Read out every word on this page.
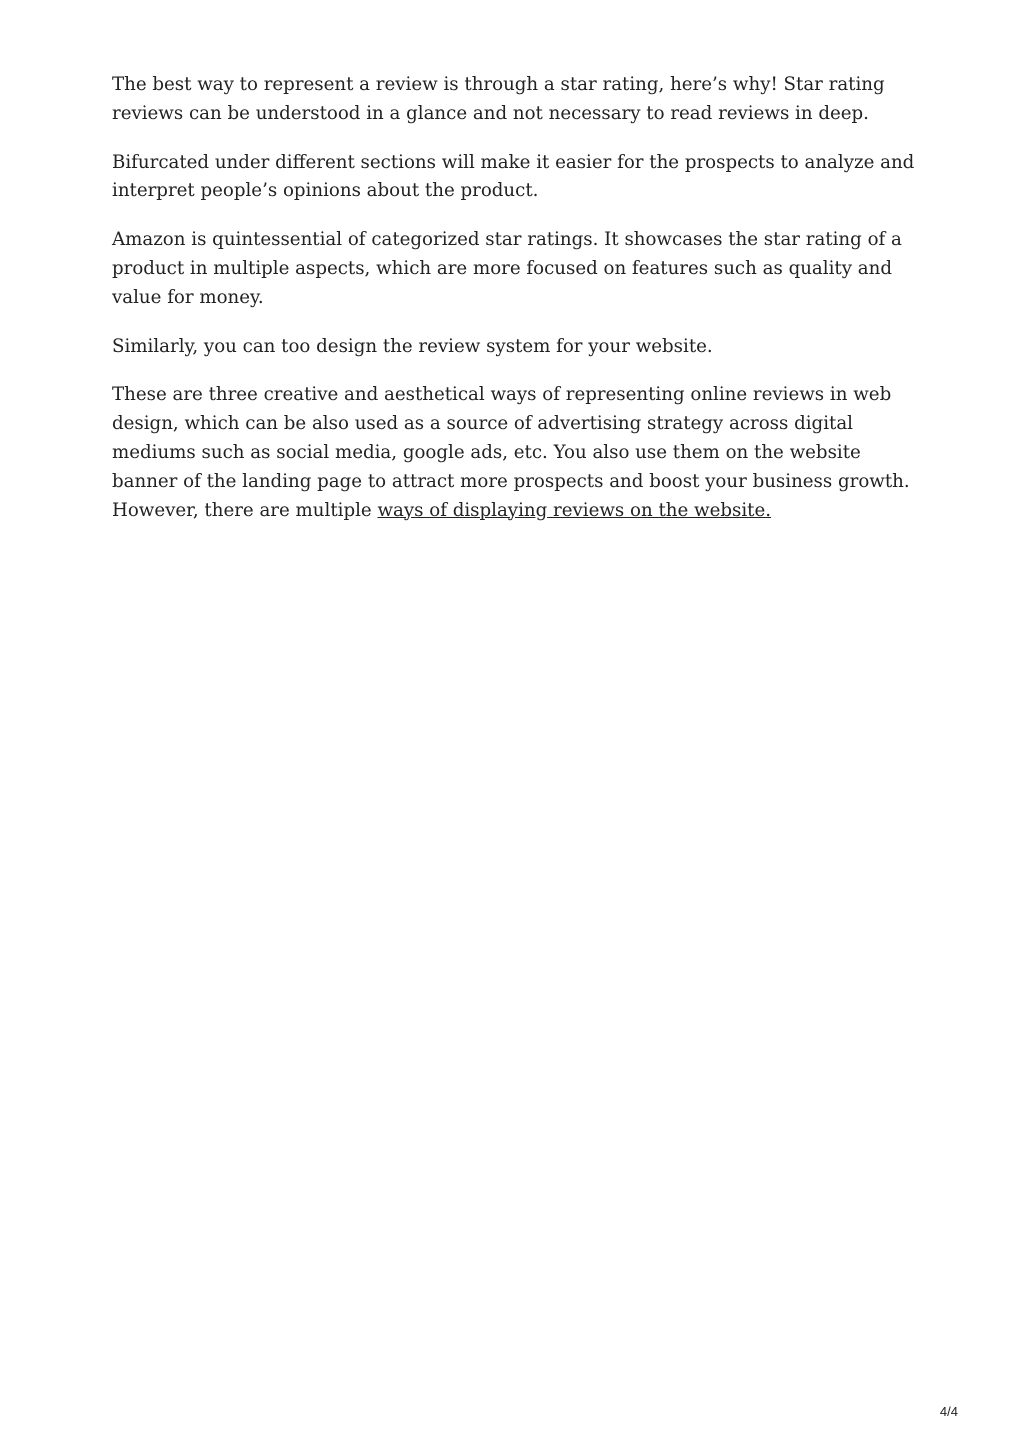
The best way to represent a review is through a star rating, here’s why! Star rating reviews can be understood in a glance and not necessary to read reviews in deep.

Bifurcated under different sections will make it easier for the prospects to analyze and interpret people’s opinions about the product.

Amazon is quintessential of categorized star ratings. It showcases the star rating of a product in multiple aspects, which are more focused on features such as quality and value for money.

Similarly, you can too design the review system for your website.

These are three creative and aesthetical ways of representing online reviews in web design, which can be also used as a source of advertising strategy across digital mediums such as social media, google ads, etc. You also use them on the website banner of the landing page to attract more prospects and boost your business growth. However, there are multiple ways of displaying reviews on the website.

4/4
